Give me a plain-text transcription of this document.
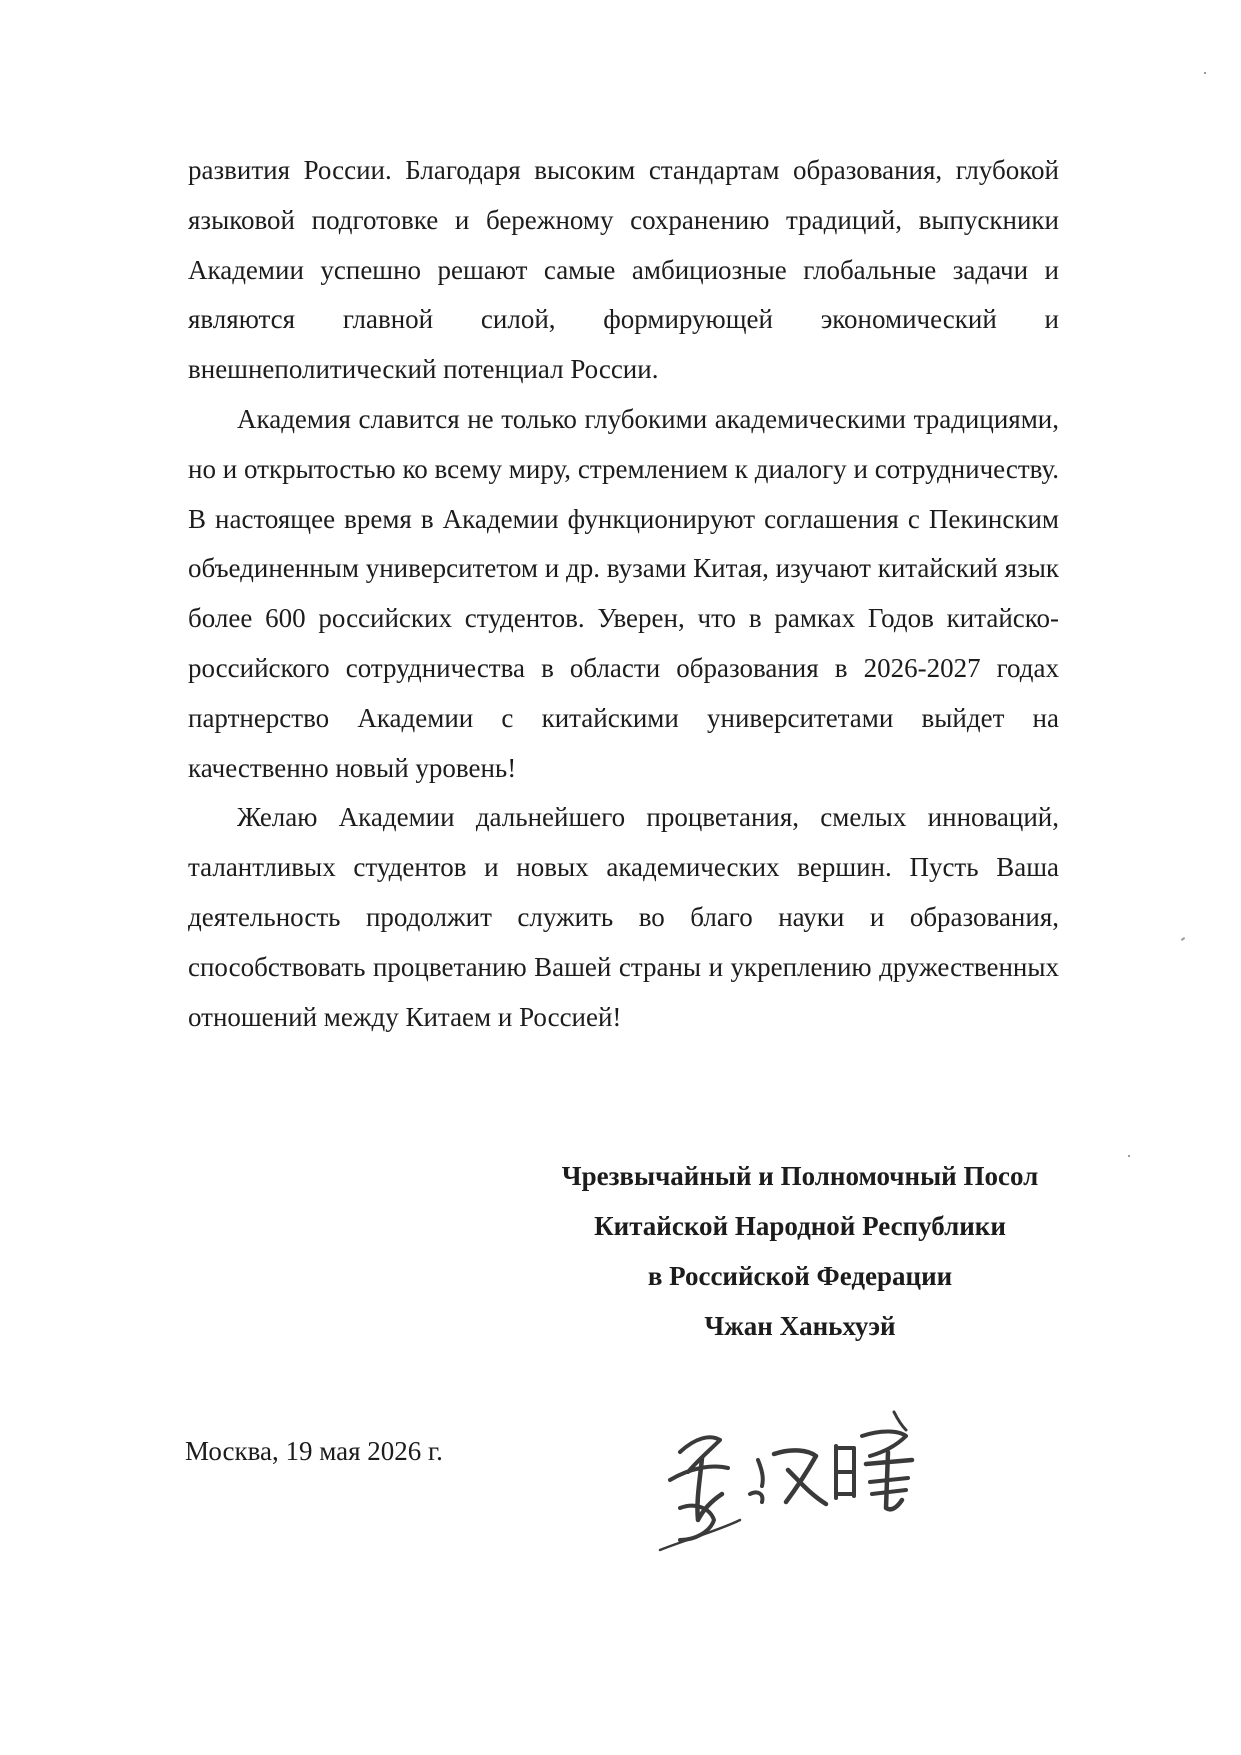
развития России. Благодаря высоким стандартам образования, глубокой языковой подготовке и бережному сохранению традиций, выпускники Академии успешно решают самые амбициозные глобальные задачи и являются главной силой, формирующей экономический и внешнеполитический потенциал России.

Академия славится не только глубокими академическими традициями, но и открытостью ко всему миру, стремлением к диалогу и сотрудничеству. В настоящее время в Академии функционируют соглашения с Пекинским объединенным университетом и др. вузами Китая, изучают китайский язык более 600 российских студентов. Уверен, что в рамках Годов китайско-российского сотрудничества в области образования в 2026-2027 годах партнерство Академии с китайскими университетами выйдет на качественно новый уровень!

Желаю Академии дальнейшего процветания, смелых инноваций, талантливых студентов и новых академических вершин. Пусть Ваша деятельность продолжит служить во благо науки и образования, способствовать процветанию Вашей страны и укреплению дружественных отношений между Китаем и Россией!

Чрезвычайный и Полномочный Посол
Китайской Народной Республики
в Российской Федерации
Чжан Ханьхуэй
Москва, 19 мая 2026 г.
